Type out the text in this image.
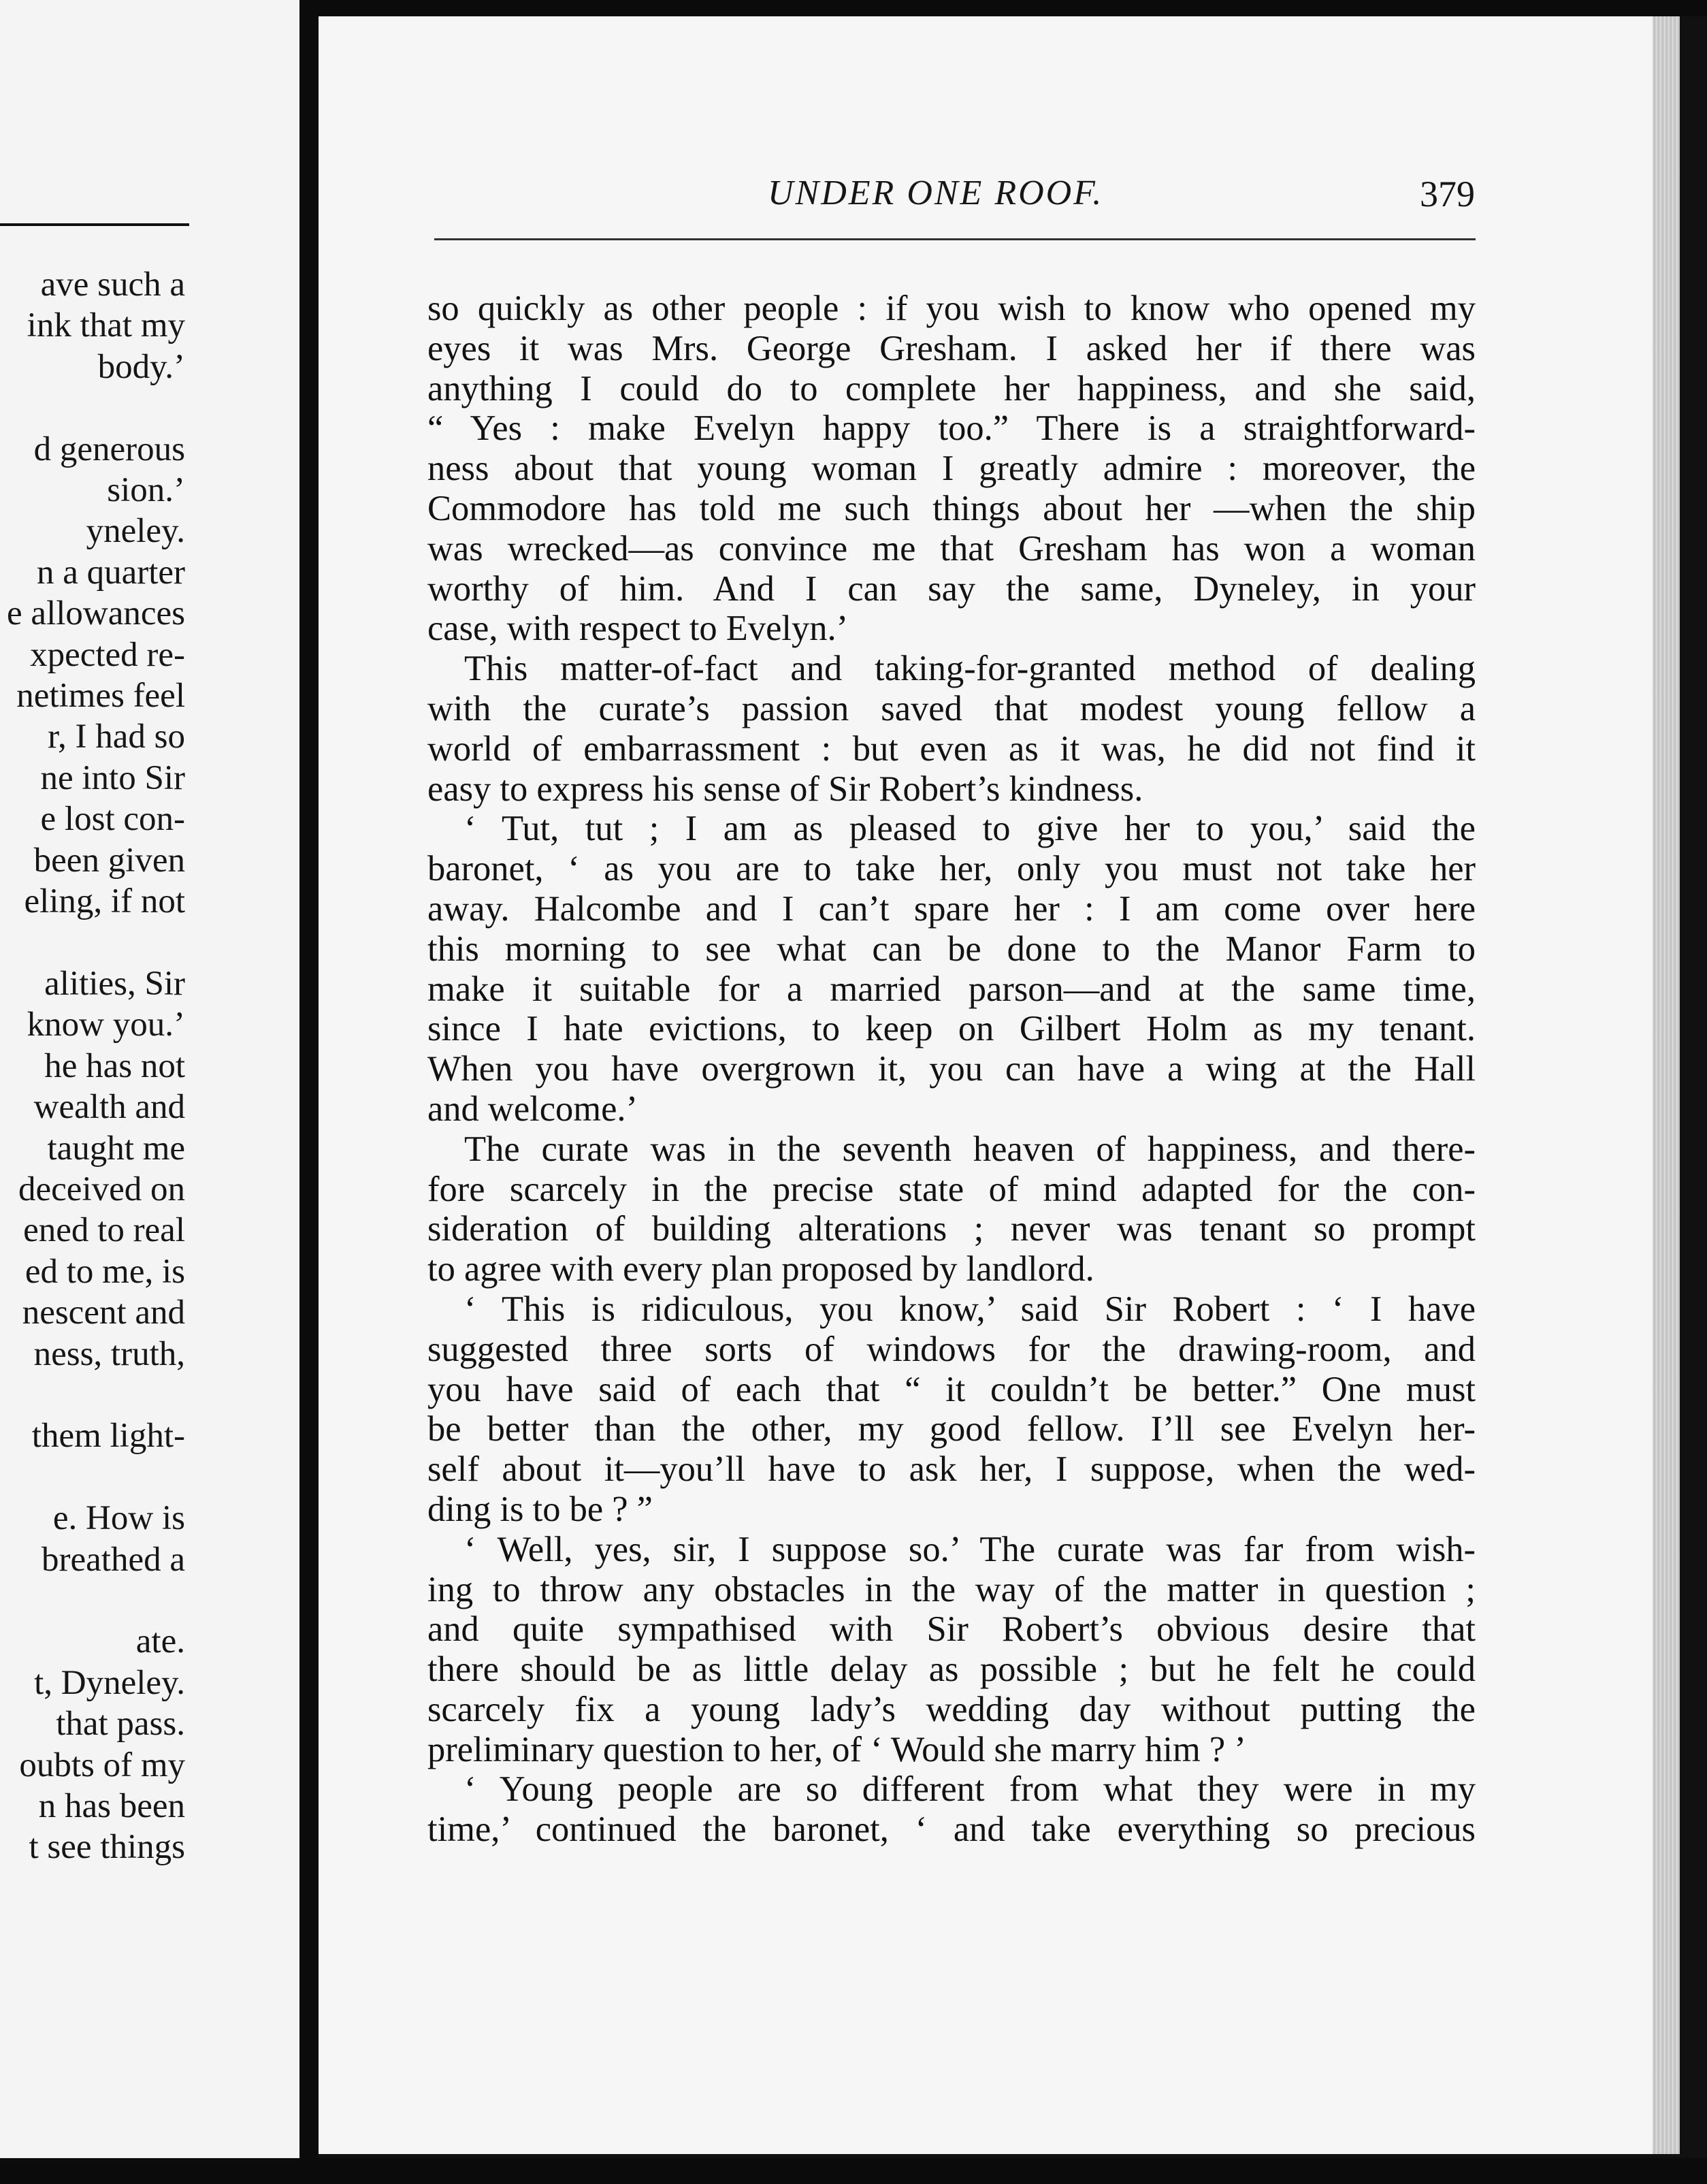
ave such a
ink that my
body.’

d generous
sion.’
yneley.
n a quarter
e allowances
xpected re-
netimes feel
r, I had so
ne into Sir
e lost con-
been given
eling, if not

alities, Sir
know you.’
he has not
wealth and
taught me
deceived on
ened to real
ed to me, is
nescent and
ness, truth,

them light-

e. How is
breathed a

ate.
t, Dyneley.
that pass.
oubts of my
n has been
t see things
UNDER ONE ROOF.	379
so quickly as other people : if you wish to know who opened my
eyes it was Mrs. George Gresham. I asked her if there was
anything I could do to complete her happiness, and she said,
“ Yes : make Evelyn happy too.” There is a straightforward-
ness about that young woman I greatly admire : moreover, the
Commodore has told me such things about her —when the ship
was wrecked—as convince me that Gresham has won a woman
worthy of him. And I can say the same, Dyneley, in your
case, with respect to Evelyn.’
This matter-of-fact and taking-for-granted method of dealing
with the curate’s passion saved that modest young fellow a
world of embarrassment : but even as it was, he did not find it
easy to express his sense of Sir Robert’s kindness.
‘ Tut, tut ; I am as pleased to give her to you,’ said the
baronet, ‘ as you are to take her, only you must not take her
away. Halcombe and I can’t spare her : I am come over here
this morning to see what can be done to the Manor Farm to
make it suitable for a married parson—and at the same time,
since I hate evictions, to keep on Gilbert Holm as my tenant.
When you have overgrown it, you can have a wing at the Hall
and welcome.’
The curate was in the seventh heaven of happiness, and there-
fore scarcely in the precise state of mind adapted for the con-
sideration of building alterations ; never was tenant so prompt
to agree with every plan proposed by landlord.
‘ This is ridiculous, you know,’ said Sir Robert : ‘ I have
suggested three sorts of windows for the drawing-room, and
you have said of each that “ it couldn’t be better.” One must
be better than the other, my good fellow. I’ll see Evelyn her-
self about it—you’ll have to ask her, I suppose, when the wed-
ding is to be ? ”
‘ Well, yes, sir, I suppose so.’ The curate was far from wish-
ing to throw any obstacles in the way of the matter in question ;
and quite sympathised with Sir Robert’s obvious desire that
there should be as little delay as possible ; but he felt he could
scarcely fix a young lady’s wedding day without putting the
preliminary question to her, of ‘ Would she marry him ? ’
‘ Young people are so different from what they were in my
time,’ continued the baronet, ‘ and take everything so precious
